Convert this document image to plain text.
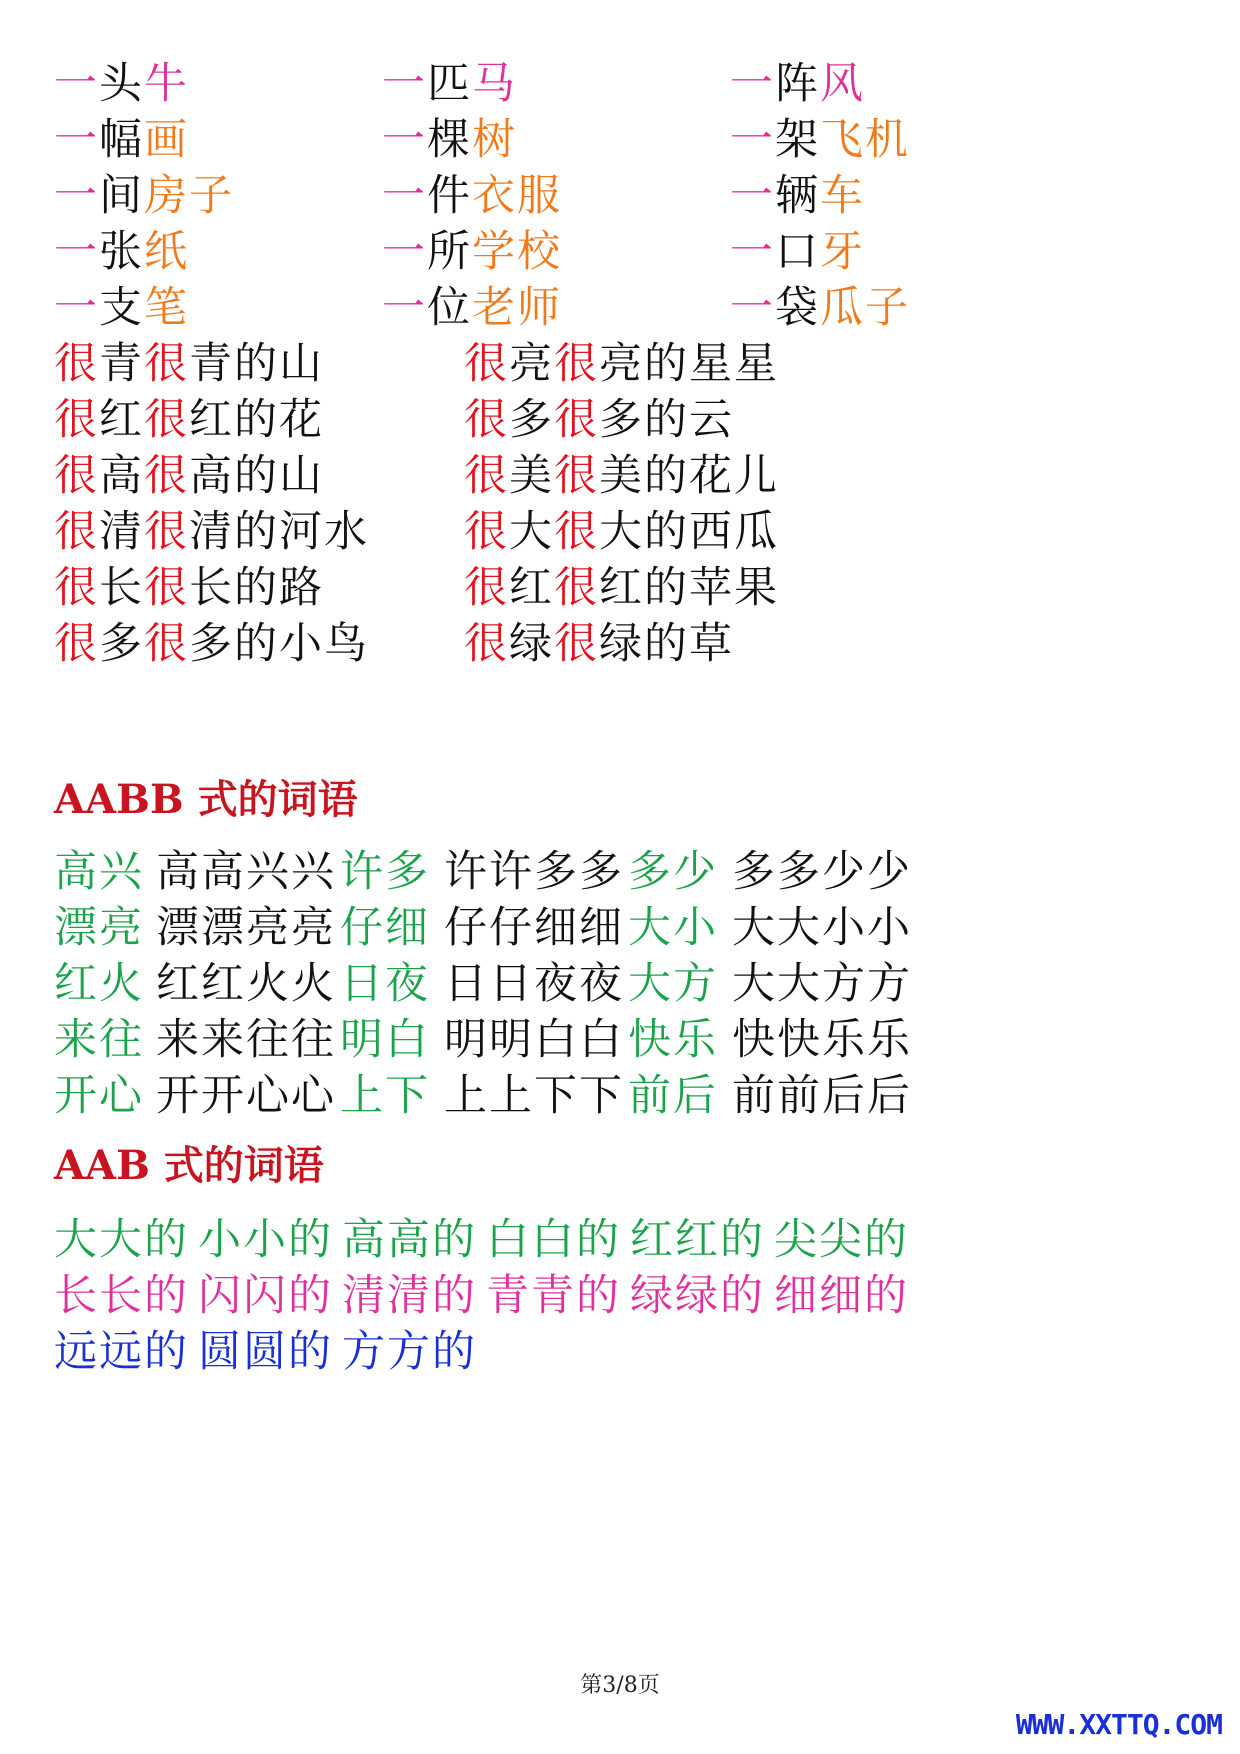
一头牛	一匹马	一阵风
一幅画	一棵树	一架飞机
一间房子	一件衣服	一辆车
一张纸	一所学校	一口牙
一支笔	一位老师	一袋瓜子
很青很青的山	很亮很亮的星星
很红很红的花	很多很多的云
很高很高的山	很美很美的花儿
很清很清的河水 很大很大的西瓜
很长很长的路	很红很红的苹果
很多很多的小鸟 很绿很绿的草
AABB 式的词语
高兴 高高兴兴 许多 许许多多 多少 多多少少
漂亮 漂漂亮亮 仔细 仔仔细细 大小 大大小小
红火 红红火火 日夜 日日夜夜 大方 大大方方
来往 来来往往 明白 明明白白 快乐 快快乐乐
开心 开开心心 上下 上上下下 前后 前前后后
AAB 式的词语
大大的 小小的 高高的 白白的 红红的 尖尖的
长长的 闪闪的 清清的 青青的 绿绿的 细细的
远远的 圆圆的 方方的
第3/8页
WWW.XXTTQ.COM
